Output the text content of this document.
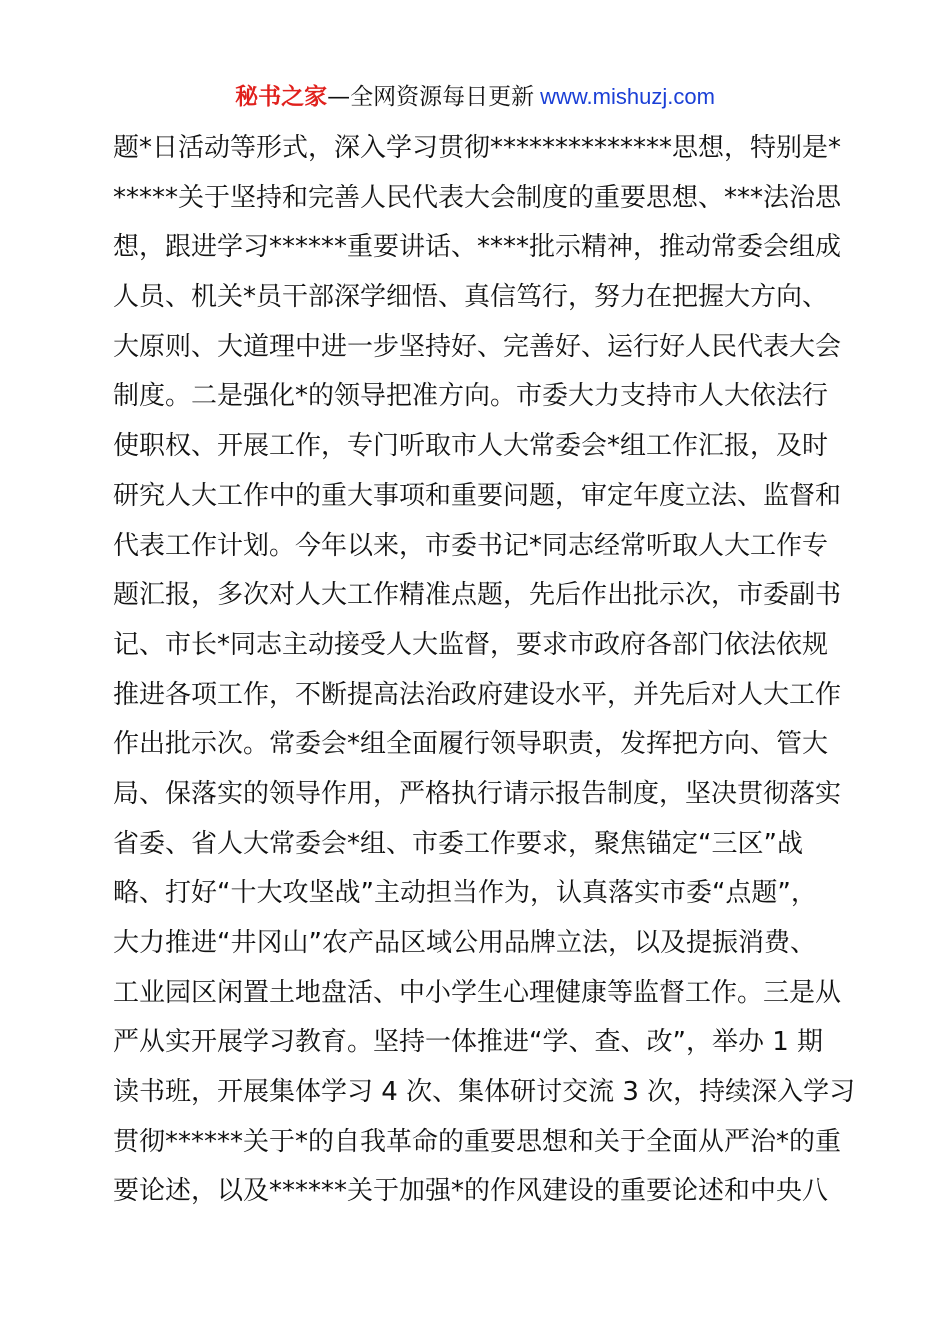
秘书之家—全网资源每日更新 www.mishuzj.com
题*日活动等形式，深入学习贯彻**************思想，特别是*
*****关于坚持和完善人民代表大会制度的重要思想、***法治思
想，跟进学习******重要讲话、****批示精神，推动常委会组成
人员、机关*员干部深学细悟、真信笃行，努力在把握大方向、
大原则、大道理中进一步坚持好、完善好、运行好人民代表大会
制度。二是强化*的领导把准方向。市委大力支持市人大依法行
使职权、开展工作，专门听取市人大常委会*组工作汇报，及时
研究人大工作中的重大事项和重要问题，审定年度立法、监督和
代表工作计划。今年以来，市委书记*同志经常听取人大工作专
题汇报，多次对人大工作精准点题，先后作出批示次，市委副书
记、市长*同志主动接受人大监督，要求市政府各部门依法依规
推进各项工作，不断提高法治政府建设水平，并先后对人大工作
作出批示次。常委会*组全面履行领导职责，发挥把方向、管大
局、保落实的领导作用，严格执行请示报告制度，坚决贯彻落实
省委、省人大常委会*组、市委工作要求，聚焦锚定“三区”战
略、打好“十大攻坚战”主动担当作为，认真落实市委“点题”，
大力推进“井冈山”农产品区域公用品牌立法，以及提振消费、
工业园区闲置土地盘活、中小学生心理健康等监督工作。三是从
严从实开展学习教育。坚持一体推进“学、查、改”，举办 1 期
读书班，开展集体学习 4 次、集体研讨交流 3 次，持续深入学习
贯彻******关于*的自我革命的重要思想和关于全面从严治*的重
要论述，以及******关于加强*的作风建设的重要论述和中央八
